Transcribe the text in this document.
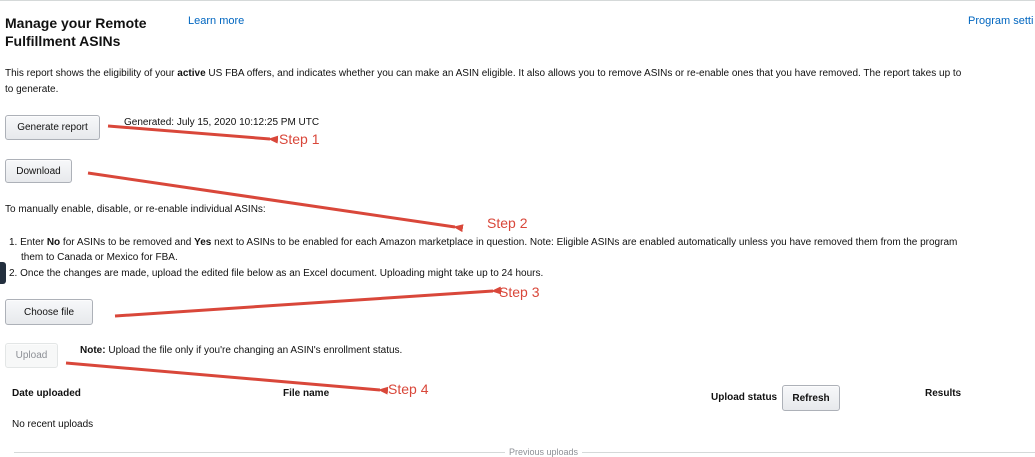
Manage your Remote Fulfillment ASINs
Learn more	Program setti
This report shows the eligibility of your active US FBA offers, and indicates whether you can make an ASIN eligible. It also allows you to remove ASINs or re-enable ones that you have removed. The report takes up to
to generate.
Generate report	Generated: July 15, 2020 10:12:25 PM UTC
Download
To manually enable, disable, or re-enable individual ASINs:
1. Enter No for ASINs to be removed and Yes next to ASINs to be enabled for each Amazon marketplace in question. Note: Eligible ASINs are enabled automatically unless you have removed them from the program
them to Canada or Mexico for FBA.
2. Once the changes are made, upload the edited file below as an Excel document. Uploading might take up to 24 hours.
Choose file
Upload	Note: Upload the file only if you're changing an ASIN's enrollment status.
Date uploaded	File name	Upload status	Refresh	Results
No recent uploads
Previous uploads
Step 1
Step 2
Step 3
Step 4
